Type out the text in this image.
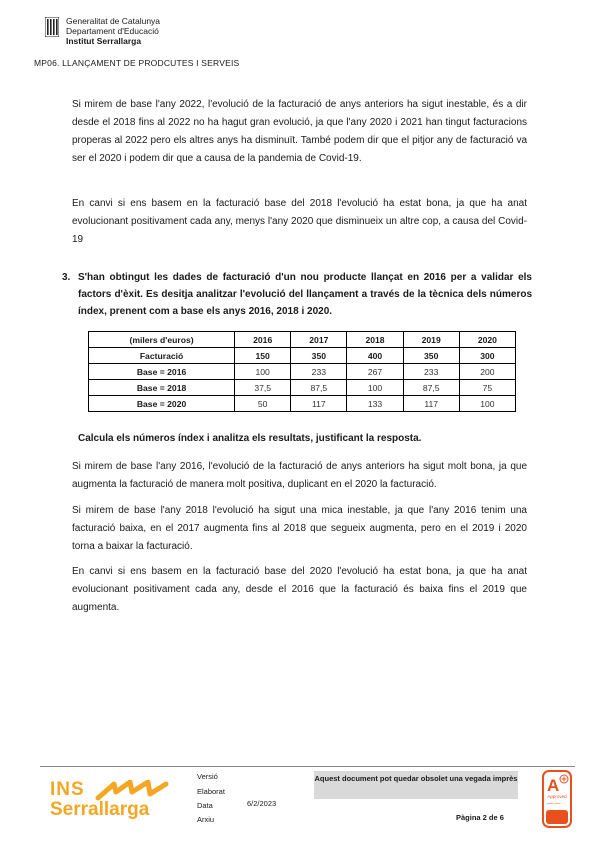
Generalitat de Catalunya
Departament d'Educació
Institut Serrallarga
MP06. LLANÇAMENT DE PRODCUTES I SERVEIS

Si mirem de base l'any 2022, l'evolució de la facturació de anys anteriors ha sigut inestable, és a dir desde el 2018 fins al 2022 no ha hagut gran evolució, ja que l'any 2020 i 2021 han tingut facturacions properas al 2022 pero els altres anys ha disminuït. També podem dir que el pitjor any de facturació va ser el 2020 i podem dir que a causa de la pandemia de Covid-19.

En canvi si ens basem en la facturació base del 2018 l'evolució ha estat bona, ja que ha anat evolucionant positivament cada any, menys l'any 2020 que disminueix un altre cop, a causa del Covid-19

3. S'han obtingut les dades de facturació d'un nou producte llançat en 2016 per a validar els factors d'èxit. Es desitja analitzar l'evolució del llançament a través de la tècnica dels números índex, prenent com a base els anys 2016, 2018 i 2020.
(milers d'euros)	2016	2017	2018	2019	2020
Facturació	150	350	400	350	300
Base = 2016	100	233	267	233	200
Base = 2018	37,5	87,5	100	87,5	75
Base = 2020	50	117	133	117	100
Calcula els números índex i analitza els resultats, justificant la resposta.

Si mirem de base l'any 2016, l'evolució de la facturació de anys anteriors ha sigut molt bona, ja que augmenta la facturació de manera molt positiva, duplicant en el 2020 la facturació.

Si mirem de base l'any 2018 l'evolució ha sigut una mica inestable, ja que l'any 2016 tenim una facturació baixa, en el 2017 augmenta fins al 2018 que segueix augmenta, pero en el 2019 i 2020 torna a baixar la facturació.

En canvi si ens basem en la facturació base del 2020 l'evolució ha estat bona, ja que ha anat evolucionant positivament cada any, desde el 2016 que la facturació és baixa fins el 2019 que augmenta.

INS
Serrallarga
Versió
Elaborat
Data	6/2/2023
Arxiu
Aquest document pot quedar obsolet una vegada imprès
Pàgina 2 de 6
— —
A
Approved
